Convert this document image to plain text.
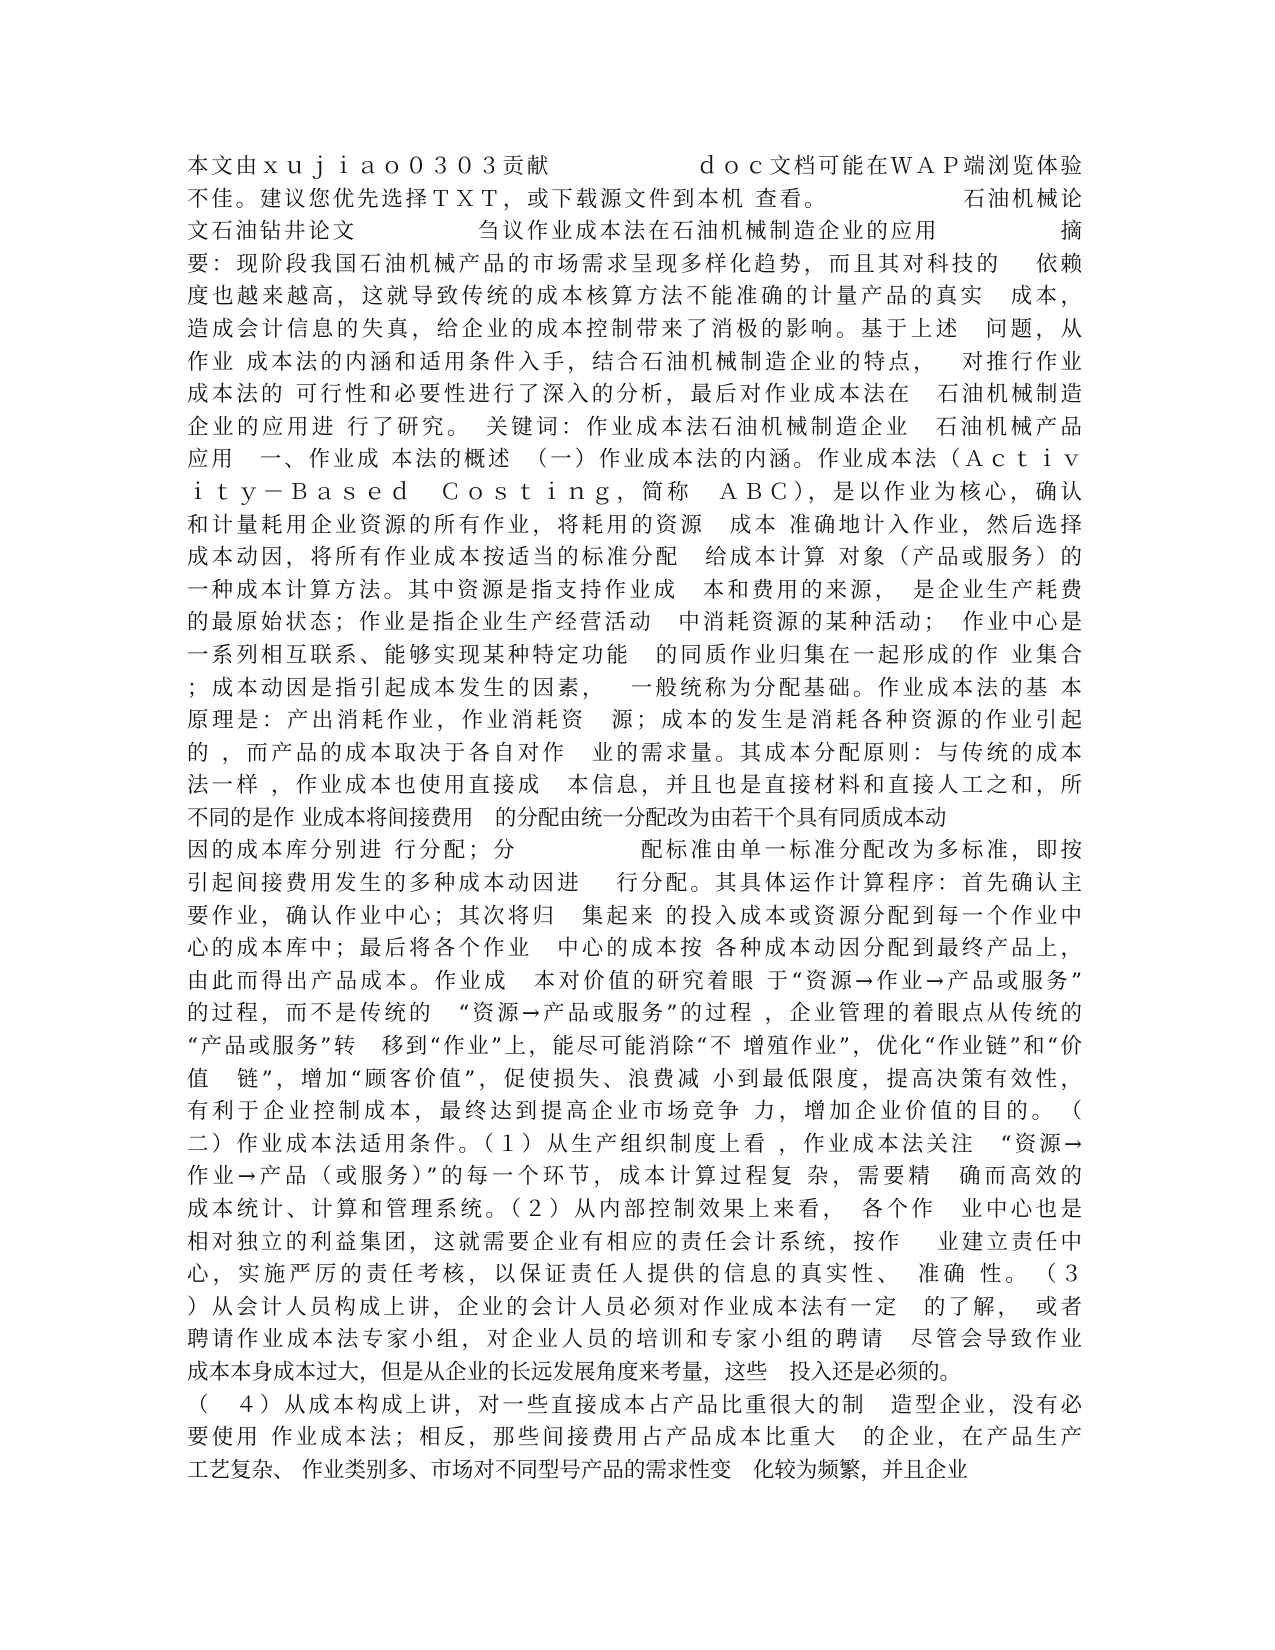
本文由ｘｕｊｉａｏ０３０３贡献　　　　　　ｄｏｃ文档可能在ＷＡＰ端浏览体验
不佳。建议您优先选择ＴＸＴ，或下载源文件到本机 查看。　　　　　　石油机械论
文石油钻井论文　　　　　刍议作业成本法在石油机械制造企业的应用　　　　　摘
要：现阶段我国石油机械产品的市场需求呈现多样化趋势，而且其对科技的　 依赖
度也越来越高，这就导致传统的成本核算方法不能准确的计量产品的真实　成本，
造成会计信息的失真，给企业的成本控制带来了消极的影响。基于上述　问题，从
作业 成本法的内涵和适用条件入手，结合石油机械制造企业的特点，　 对推行作业
成本法的 可行性和必要性进行了深入的分析，最后对作业成本法在　石油机械制造
企业的应用进 行了研究。　关键词：作业成本法石油机械制造企业　石油机械产品
应用　一、作业成 本法的概述　（一）作业成本法的内涵。作业成本法（Ａｃｔｉｖ
ｉｔｙ－Ｂａｓｅｄ　Ｃｏｓｔｉｎｇ，简称　ＡＢＣ），是以作业为核心，确认
和计量耗用企业资源的所有作业，将耗用的资源　成本 准确地计入作业，然后选择
成本动因，将所有作业成本按适当的标准分配　给成本计算 对象（产品或服务）的
一种成本计算方法。其中资源是指支持作业成　本和费用的来源，　是企业生产耗费
的最原始状态；作业是指企业生产经营活动　中消耗资源的某种活动；　作业中心是
一系列相互联系、能够实现某种特定功能　的同质作业归集在一起形成的作 业集合
；成本动因是指引起成本发生的因素，　 一般统称为分配基础。作业成本法的基 本
原理是：产出消耗作业，作业消耗资　源；成本的发生是消耗各种资源的作业引起
的 ，而产品的成本取决于各自对作　业的需求量。其成本分配原则：与传统的成本
法一样 ，作业成本也使用直接成　本信息，并且也是直接材料和直接人工之和，所
不同的是作 业成本将间接费用　的分配由统一分配改为由若干个具有同质成本动
因的成本库分别进 行分配；分　　　　　配标准由单一标准分配改为多标准，即按
引起间接费用发生的多种成本动因进　 行分配。其具体运作计算程序：首先确认主
要作业，确认作业中心；其次将归　集起来 的投入成本或资源分配到每一个作业中
心的成本库中；最后将各个作业　中心的成本按 各种成本动因分配到最终产品上，
由此而得出产品成本。作业成　本对价值的研究着眼 于“资源→作业→产品或服务”
的过程，而不是传统的　“资源→产品或服务”的过程 ，企业管理的着眼点从传统的
“产品或服务”转　移到“作业”上，能尽可能消除“不 增殖作业”，优化“作业链”和“价
值　链”，增加“顾客价值”，促使损失、浪费减 小到最低限度，提高决策有效性，
有利于企业控制成本，最终达到提高企业市场竞争 力，增加企业价值的目的。　（
二）作业成本法适用条件。（１）从生产组织制度上看 ，作业成本法关注　“资源→
作业→产品（或服务）”的每一个环节，成本计算过程复 杂，需要精　确而高效的
成本统计、计算和管理系统。（２）从内部控制效果上来看，　各个作　业中心也是
相对独立的利益集团，这就需要企业有相应的责任会计系统，按作　 业建立责任中
心，实施严厉的责任考核，以保证责任人提供的信息的真实性、　准确 性。　（３
）从会计人员构成上讲，企业的会计人员必须对作业成本法有一定　的了解，　或者
聘请作业成本法专家小组，对企业人员的培训和专家小组的聘请　尽管会导致作业
成本本身成本过大，但是从企业的长远发展角度来考量，这些　投入还是必须的。
（　４）从成本构成上讲，对一些直接成本占产品比重很大的制　造型企业，没有必
要使用 作业成本法；相反，那些间接费用占产品成本比重大　的企业，在产品生产
工艺复杂、 作业类别多、市场对不同型号产品的需求性变　化较为频繁，并且企业
